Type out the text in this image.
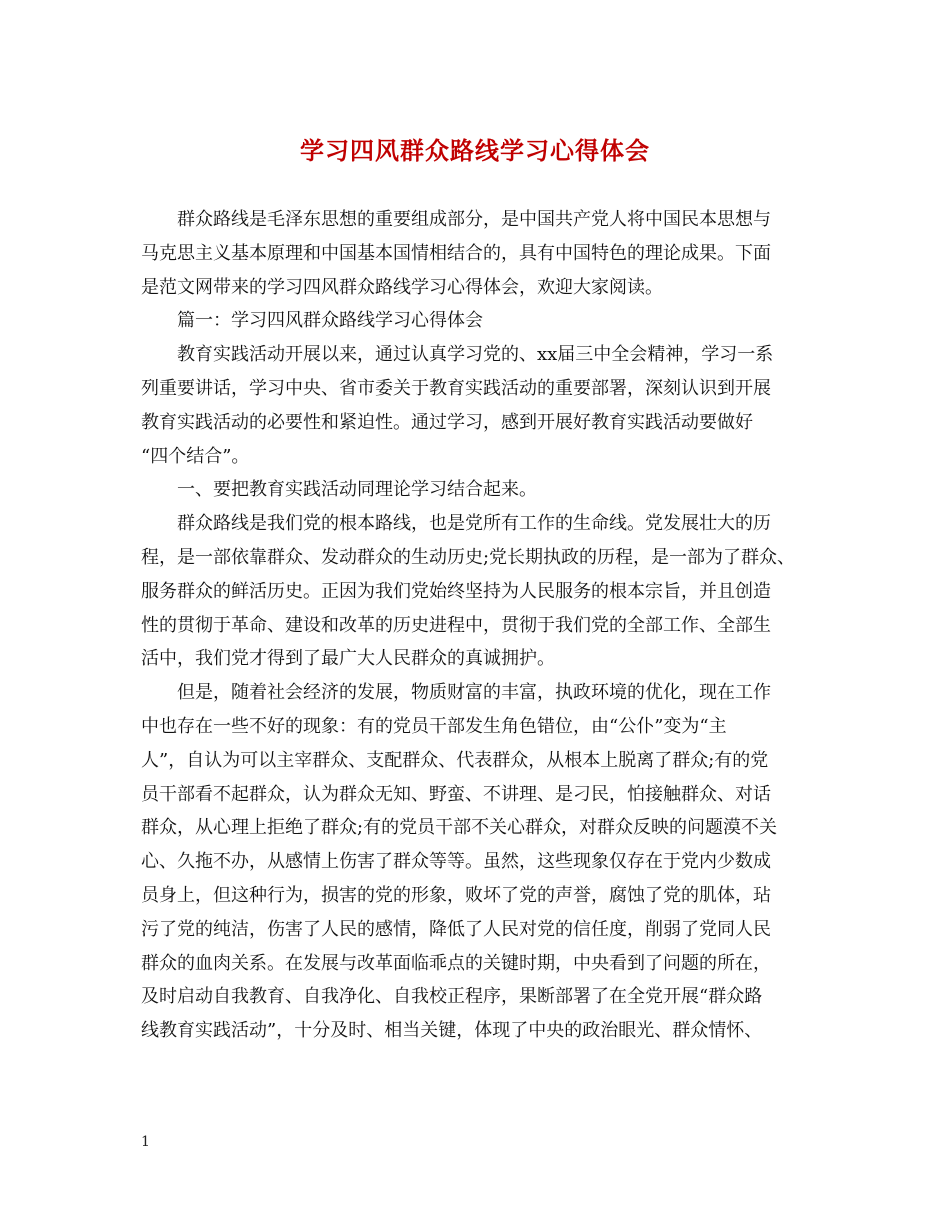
学习四风群众路线学习心得体会
　　群众路线是毛泽东思想的重要组成部分，是中国共产党人将中国民本思想与
马克思主义基本原理和中国基本国情相结合的，具有中国特色的理论成果。下面
是范文网带来的学习四风群众路线学习心得体会，欢迎大家阅读。
　　篇一：学习四风群众路线学习心得体会
　　教育实践活动开展以来，通过认真学习党的、xx届三中全会精神，学习一系
列重要讲话，学习中央、省市委关于教育实践活动的重要部署，深刻认识到开展
教育实践活动的必要性和紧迫性。通过学习，感到开展好教育实践活动要做好
“四个结合”。
　　一、要把教育实践活动同理论学习结合起来。
　　群众路线是我们党的根本路线，也是党所有工作的生命线。党发展壮大的历
程，是一部依靠群众、发动群众的生动历史;党长期执政的历程，是一部为了群众、
服务群众的鲜活历史。正因为我们党始终坚持为人民服务的根本宗旨，并且创造
性的贯彻于革命、建设和改革的历史进程中，贯彻于我们党的全部工作、全部生
活中，我们党才得到了最广大人民群众的真诚拥护。
　　但是，随着社会经济的发展，物质财富的丰富，执政环境的优化，现在工作
中也存在一些不好的现象：有的党员干部发生角色错位，由“公仆”变为“主
人”，自认为可以主宰群众、支配群众、代表群众，从根本上脱离了群众;有的党
员干部看不起群众，认为群众无知、野蛮、不讲理、是刁民，怕接触群众、对话
群众，从心理上拒绝了群众;有的党员干部不关心群众，对群众反映的问题漠不关
心、久拖不办，从感情上伤害了群众等等。虽然，这些现象仅存在于党内少数成
员身上，但这种行为，损害的党的形象，败坏了党的声誉，腐蚀了党的肌体，玷
污了党的纯洁，伤害了人民的感情，降低了人民对党的信任度，削弱了党同人民
群众的血肉关系。在发展与改革面临乖点的关键时期，中央看到了问题的所在，
及时启动自我教育、自我净化、自我校正程序，果断部署了在全党开展“群众路
线教育实践活动”，十分及时、相当关键，体现了中央的政治眼光、群众情怀、
1
